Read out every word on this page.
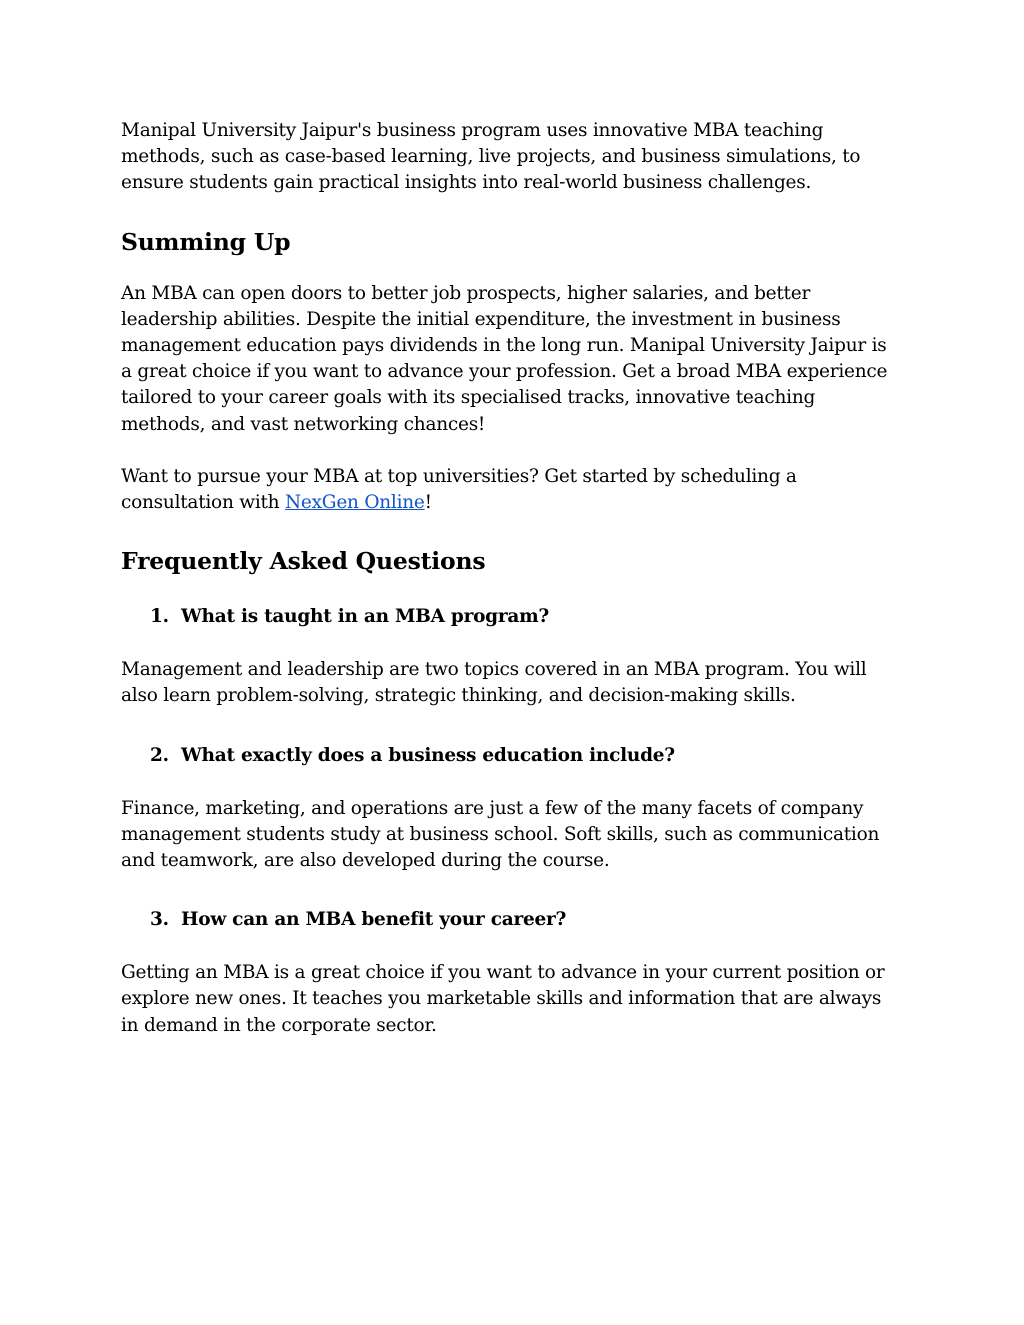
Manipal University Jaipur's business program uses innovative MBA teaching methods, such as case-based learning, live projects, and business simulations, to ensure students gain practical insights into real-world business challenges.

Summing Up

An MBA can open doors to better job prospects, higher salaries, and better leadership abilities. Despite the initial expenditure, the investment in business management education pays dividends in the long run. Manipal University Jaipur is a great choice if you want to advance your profession. Get a broad MBA experience tailored to your career goals with its specialised tracks, innovative teaching methods, and vast networking chances!

Want to pursue your MBA at top universities? Get started by scheduling a consultation with NexGen Online!

Frequently Asked Questions
1. What is taught in an MBA program?

Management and leadership are two topics covered in an MBA program. You will also learn problem-solving, strategic thinking, and decision-making skills.

2. What exactly does a business education include?

Finance, marketing, and operations are just a few of the many facets of company management students study at business school. Soft skills, such as communication and teamwork, are also developed during the course.

3. How can an MBA benefit your career?

Getting an MBA is a great choice if you want to advance in your current position or explore new ones. It teaches you marketable skills and information that are always in demand in the corporate sector.
